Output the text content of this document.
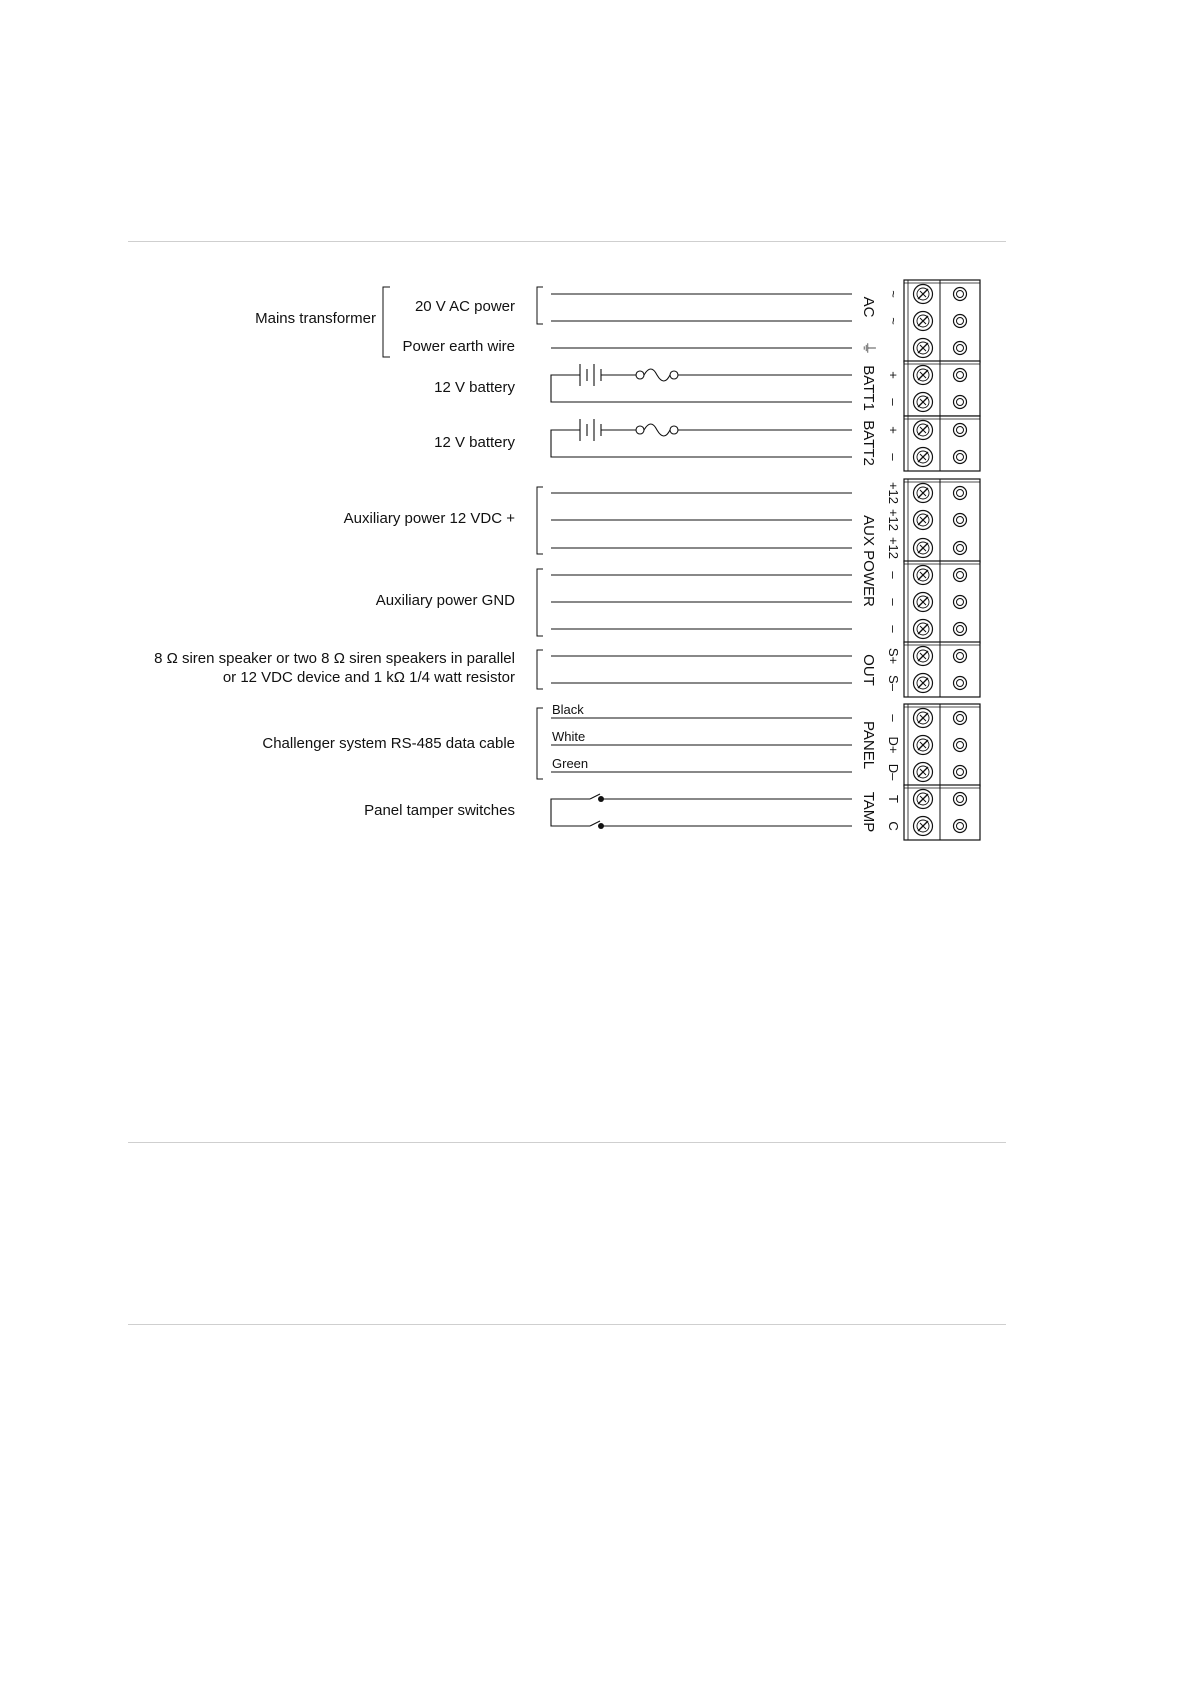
Mains transformer
20 V AC power
Power earth wire
12 V battery
12 V battery
Auxiliary power 12 VDC +
Auxiliary power GND
8 Ω siren speaker or two 8 Ω siren speakers in parallel
or 12 VDC device and 1 kΩ 1/4 watt resistor
Challenger system RS-485 data cable
Panel tamper switches
Black
White
Green
AC
⏚
BATT1
BATT2
AUX POWER
OUT
PANEL
TAMP
~
~
+
–
+
–
+12
+12
+12
–
–
–
S+
S–
–
D+
D–
T
C
